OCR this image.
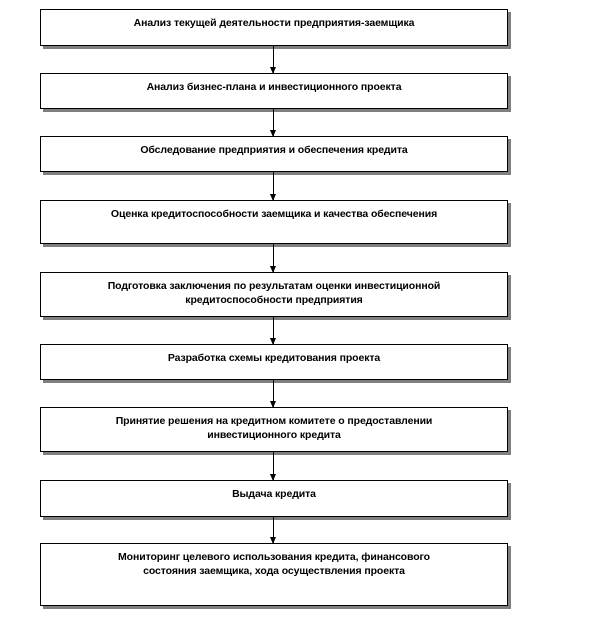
Анализ текущей деятельности предприятия-заемщика
Анализ бизнес-плана и инвестиционного проекта
Обследование предприятия и обеспечения кредита
Оценка кредитоспособности заемщика и качества обеспечения
Подготовка заключения по результатам оценки инвестиционной
кредитоспособности предприятия
Разработка схемы кредитования проекта
Принятие решения на кредитном комитете о предоставлении
инвестиционного кредита
Выдача кредита
Мониторинг целевого использования кредита, финансового
состояния заемщика, хода осуществления проекта
